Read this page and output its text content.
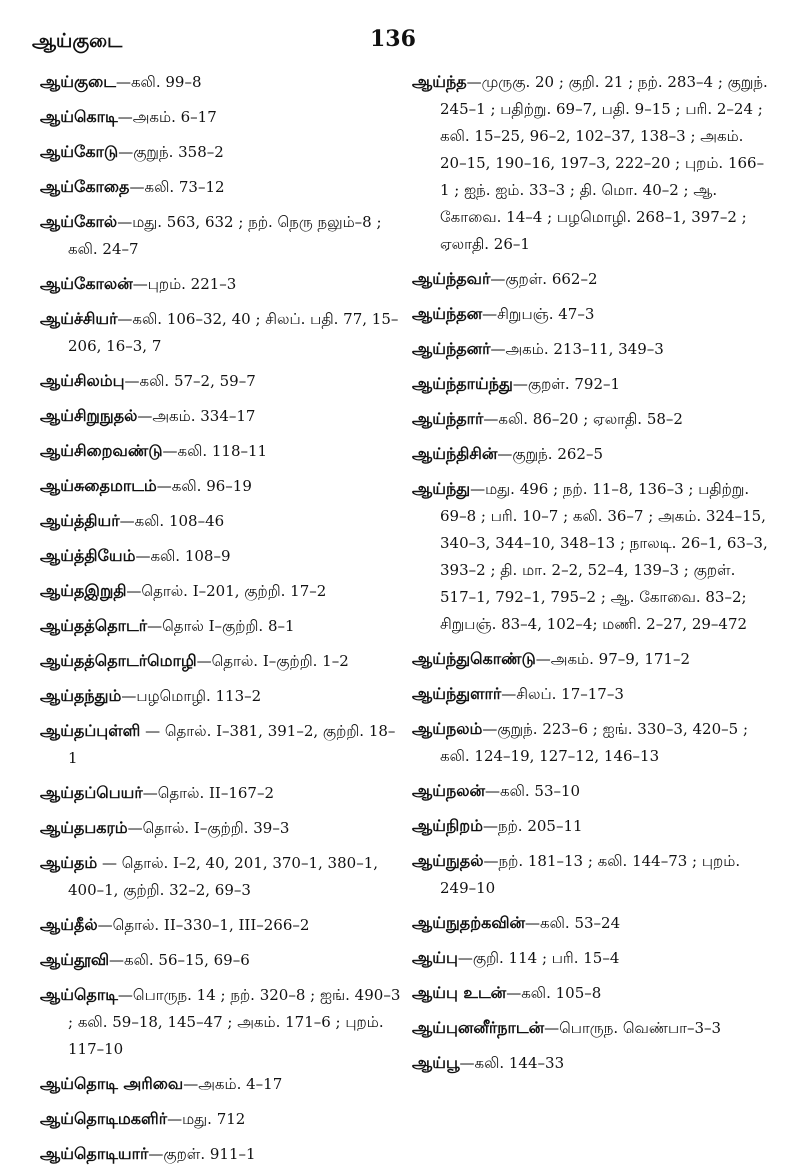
ஆய்குடை	136

ஆய்குடை—கலி. 99–8

ஆய்கொடி—அகம். 6–17

ஆய்கோடு—குறுந். 358–2

ஆய்கோதை—கலி. 73–12

ஆய்கோல்—மது. 563, 632 ; நற். நெரு நலும்–8 ; கலி. 24–7

ஆய்கோலன்—புறம். 221–3

ஆய்ச்சியர்—கலி. 106–32, 40 ; சிலப். பதி. 77, 15–206, 16–3, 7

ஆய்சிலம்பு—கலி. 57–2, 59–7

ஆய்சிறுநுதல்—அகம். 334–17

ஆய்சிறைவண்டு—கலி. 118–11

ஆய்சுதைமாடம்—கலி. 96–19

ஆய்த்தியர்—கலி. 108–46

ஆய்த்தியேம்—கலி. 108–9

ஆய்தஇறுதி—தொல். I–201, குற்றி. 17–2

ஆய்தத்தொடர்—தொல் I–குற்றி. 8–1

ஆய்தத்தொடர்மொழி—தொல். I–குற்றி. 1–2

ஆய்தந்தும்—பழமொழி. 113–2

ஆய்தப்புள்ளி — தொல். I–381, 391–2, குற்றி. 18–1

ஆய்தப்பெயர்—தொல். II–167–2

ஆய்தபகரம்—தொல். I–குற்றி. 39–3

ஆய்தம் — தொல். I–2, 40, 201, 370–1, 380–1, 400–1, குற்றி. 32–2, 69–3

ஆய்தீல்—தொல். II–330–1, III–266–2

ஆய்தூவி—கலி. 56–15, 69–6

ஆய்தொடி—பொருந. 14 ; நற். 320–8 ; ஐங். 490–3 ; கலி. 59–18, 145–47 ; அகம். 171–6 ; புறம். 117–10

ஆய்தொடி அரிவை—அகம். 4–17

ஆய்தொடிமகளிர்—மது. 712

ஆய்தொடியார்—குறள். 911–1

ஆய்ந்த—முருகு. 20 ; குறி. 21 ; நற். 283–4 ; குறுந். 245–1 ; பதிற்று. 69–7, பதி. 9–15 ; பரி. 2–24 ; கலி. 15–25, 96–2, 102–37, 138–3 ; அகம். 20–15, 190–16, 197–3, 222–20 ; புறம். 166–1 ; ஐந். ஐம். 33–3 ; தி. மொ. 40–2 ; ஆ. கோவை. 14–4 ; பழமொழி. 268–1, 397–2 ; ஏலாதி. 26–1

ஆய்ந்தவர்—குறள். 662–2

ஆய்ந்தன—சிறுபஞ். 47–3

ஆய்ந்தனர்—அகம். 213–11, 349–3

ஆய்ந்தாய்ந்து—குறள். 792–1

ஆய்ந்தார்—கலி. 86–20 ; ஏலாதி. 58–2

ஆய்ந்திசின்—குறுந். 262–5

ஆய்ந்து—மது. 496 ; நற். 11–8, 136–3 ; பதிற்று. 69–8 ; பரி. 10–7 ; கலி. 36–7 ; அகம். 324–15, 340–3, 344–10, 348–13 ; நாலடி. 26–1, 63–3, 393–2 ; தி. மா. 2–2, 52–4, 139–3 ; குறள். 517–1, 792–1, 795–2 ; ஆ. கோவை. 83–2; சிறுபஞ். 83–4, 102–4; மணி. 2–27, 29–472

ஆய்ந்துகொண்டு—அகம். 97–9, 171–2

ஆய்ந்துளார்—சிலப். 17–17–3

ஆய்நலம்—குறுந். 223–6 ; ஐங். 330–3, 420–5 ; கலி. 124–19, 127–12, 146–13

ஆய்நலன்—கலி. 53–10

ஆய்நிறம்—நற். 205–11

ஆய்நுதல்—நற். 181–13 ; கலி. 144–73 ; புறம். 249–10

ஆய்நுதற்கவின்—கலி. 53–24

ஆய்பு—குறி. 114 ; பரி. 15–4

ஆய்பு உடன்—கலி. 105–8

ஆய்புனனீர்நாடன்—பொருந. வெண்பா–3–3

ஆய்பூ—கலி. 144–33
